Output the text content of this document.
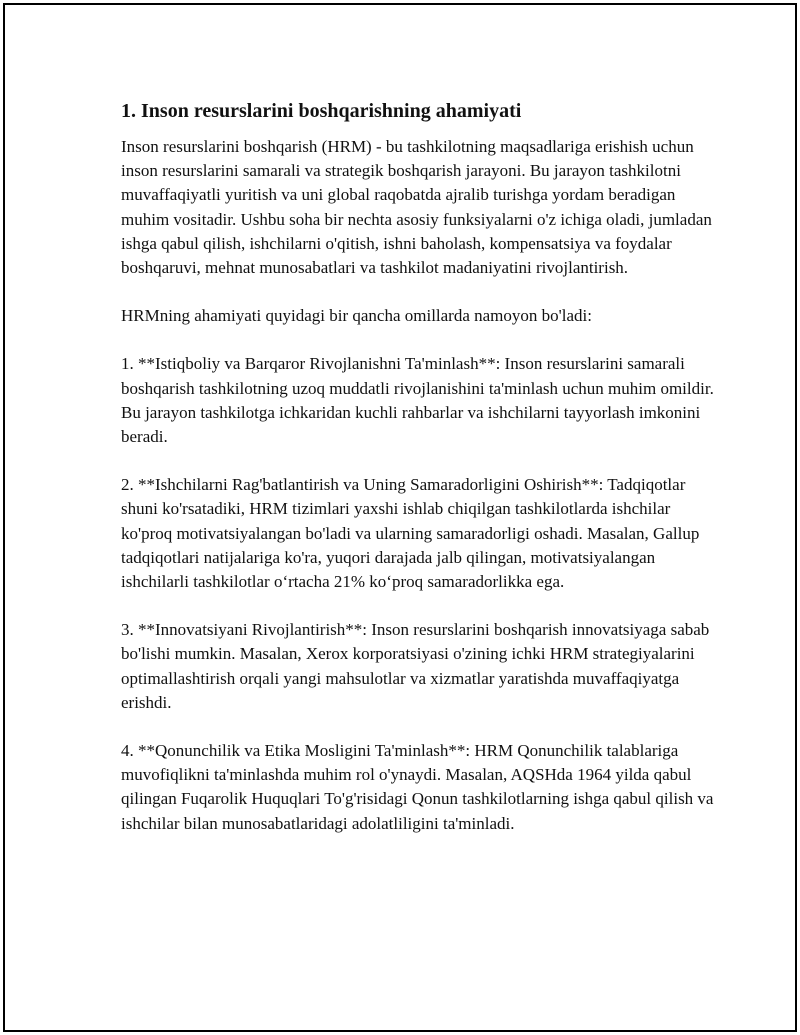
1. Inson resurslarini boshqarishning ahamiyati

Inson resurslarini boshqarish (HRM) - bu tashkilotning maqsadlariga erishish uchun inson resurslarini samarali va strategik boshqarish jarayoni. Bu jarayon tashkilotni muvaffaqiyatli yuritish va uni global raqobatda ajralib turishga yordam beradigan muhim vositadir. Ushbu soha bir nechta asosiy funksiyalarni o'z ichiga oladi, jumladan ishga qabul qilish, ishchilarni o'qitish, ishni baholash, kompensatsiya va foydalar boshqaruvi, mehnat munosabatlari va tashkilot madaniyatini rivojlantirish.

HRMning ahamiyati quyidagi bir qancha omillarda namoyon bo'ladi:

1. **Istiqboliy va Barqaror Rivojlanishni Ta'minlash**: Inson resurslarini samarali boshqarish tashkilotning uzoq muddatli rivojlanishini ta'minlash uchun muhim omildir. Bu jarayon tashkilotga ichkaridan kuchli rahbarlar va ishchilarni tayyorlash imkonini beradi.

2. **Ishchilarni Rag'batlantirish va Uning Samaradorligini Oshirish**: Tadqiqotlar shuni ko'rsatadiki, HRM tizimlari yaxshi ishlab chiqilgan tashkilotlarda ishchilar ko'proq motivatsiyalangan bo'ladi va ularning samaradorligi oshadi. Masalan, Gallup tadqiqotlari natijalariga ko'ra, yuqori darajada jalb qilingan, motivatsiyalangan ishchilarli tashkilotlar o‘rtacha 21% ko‘proq samaradorlikka ega.

3. **Innovatsiyani Rivojlantirish**: Inson resurslarini boshqarish innovatsiyaga sabab bo'lishi mumkin. Masalan, Xerox korporatsiyasi o'zining ichki HRM strategiyalarini optimallashtirish orqali yangi mahsulotlar va xizmatlar yaratishda muvaffaqiyatga erishdi.

4. **Qonunchilik va Etika Mosligini Ta'minlash**: HRM Qonunchilik talablariga muvofiqlikni ta'minlashda muhim rol o'ynaydi. Masalan, AQSHda 1964 yilda qabul qilingan Fuqarolik Huquqlari To'g'risidagi Qonun tashkilotlarning ishga qabul qilish va ishchilar bilan munosabatlaridagi adolatliligini ta'minladi.
